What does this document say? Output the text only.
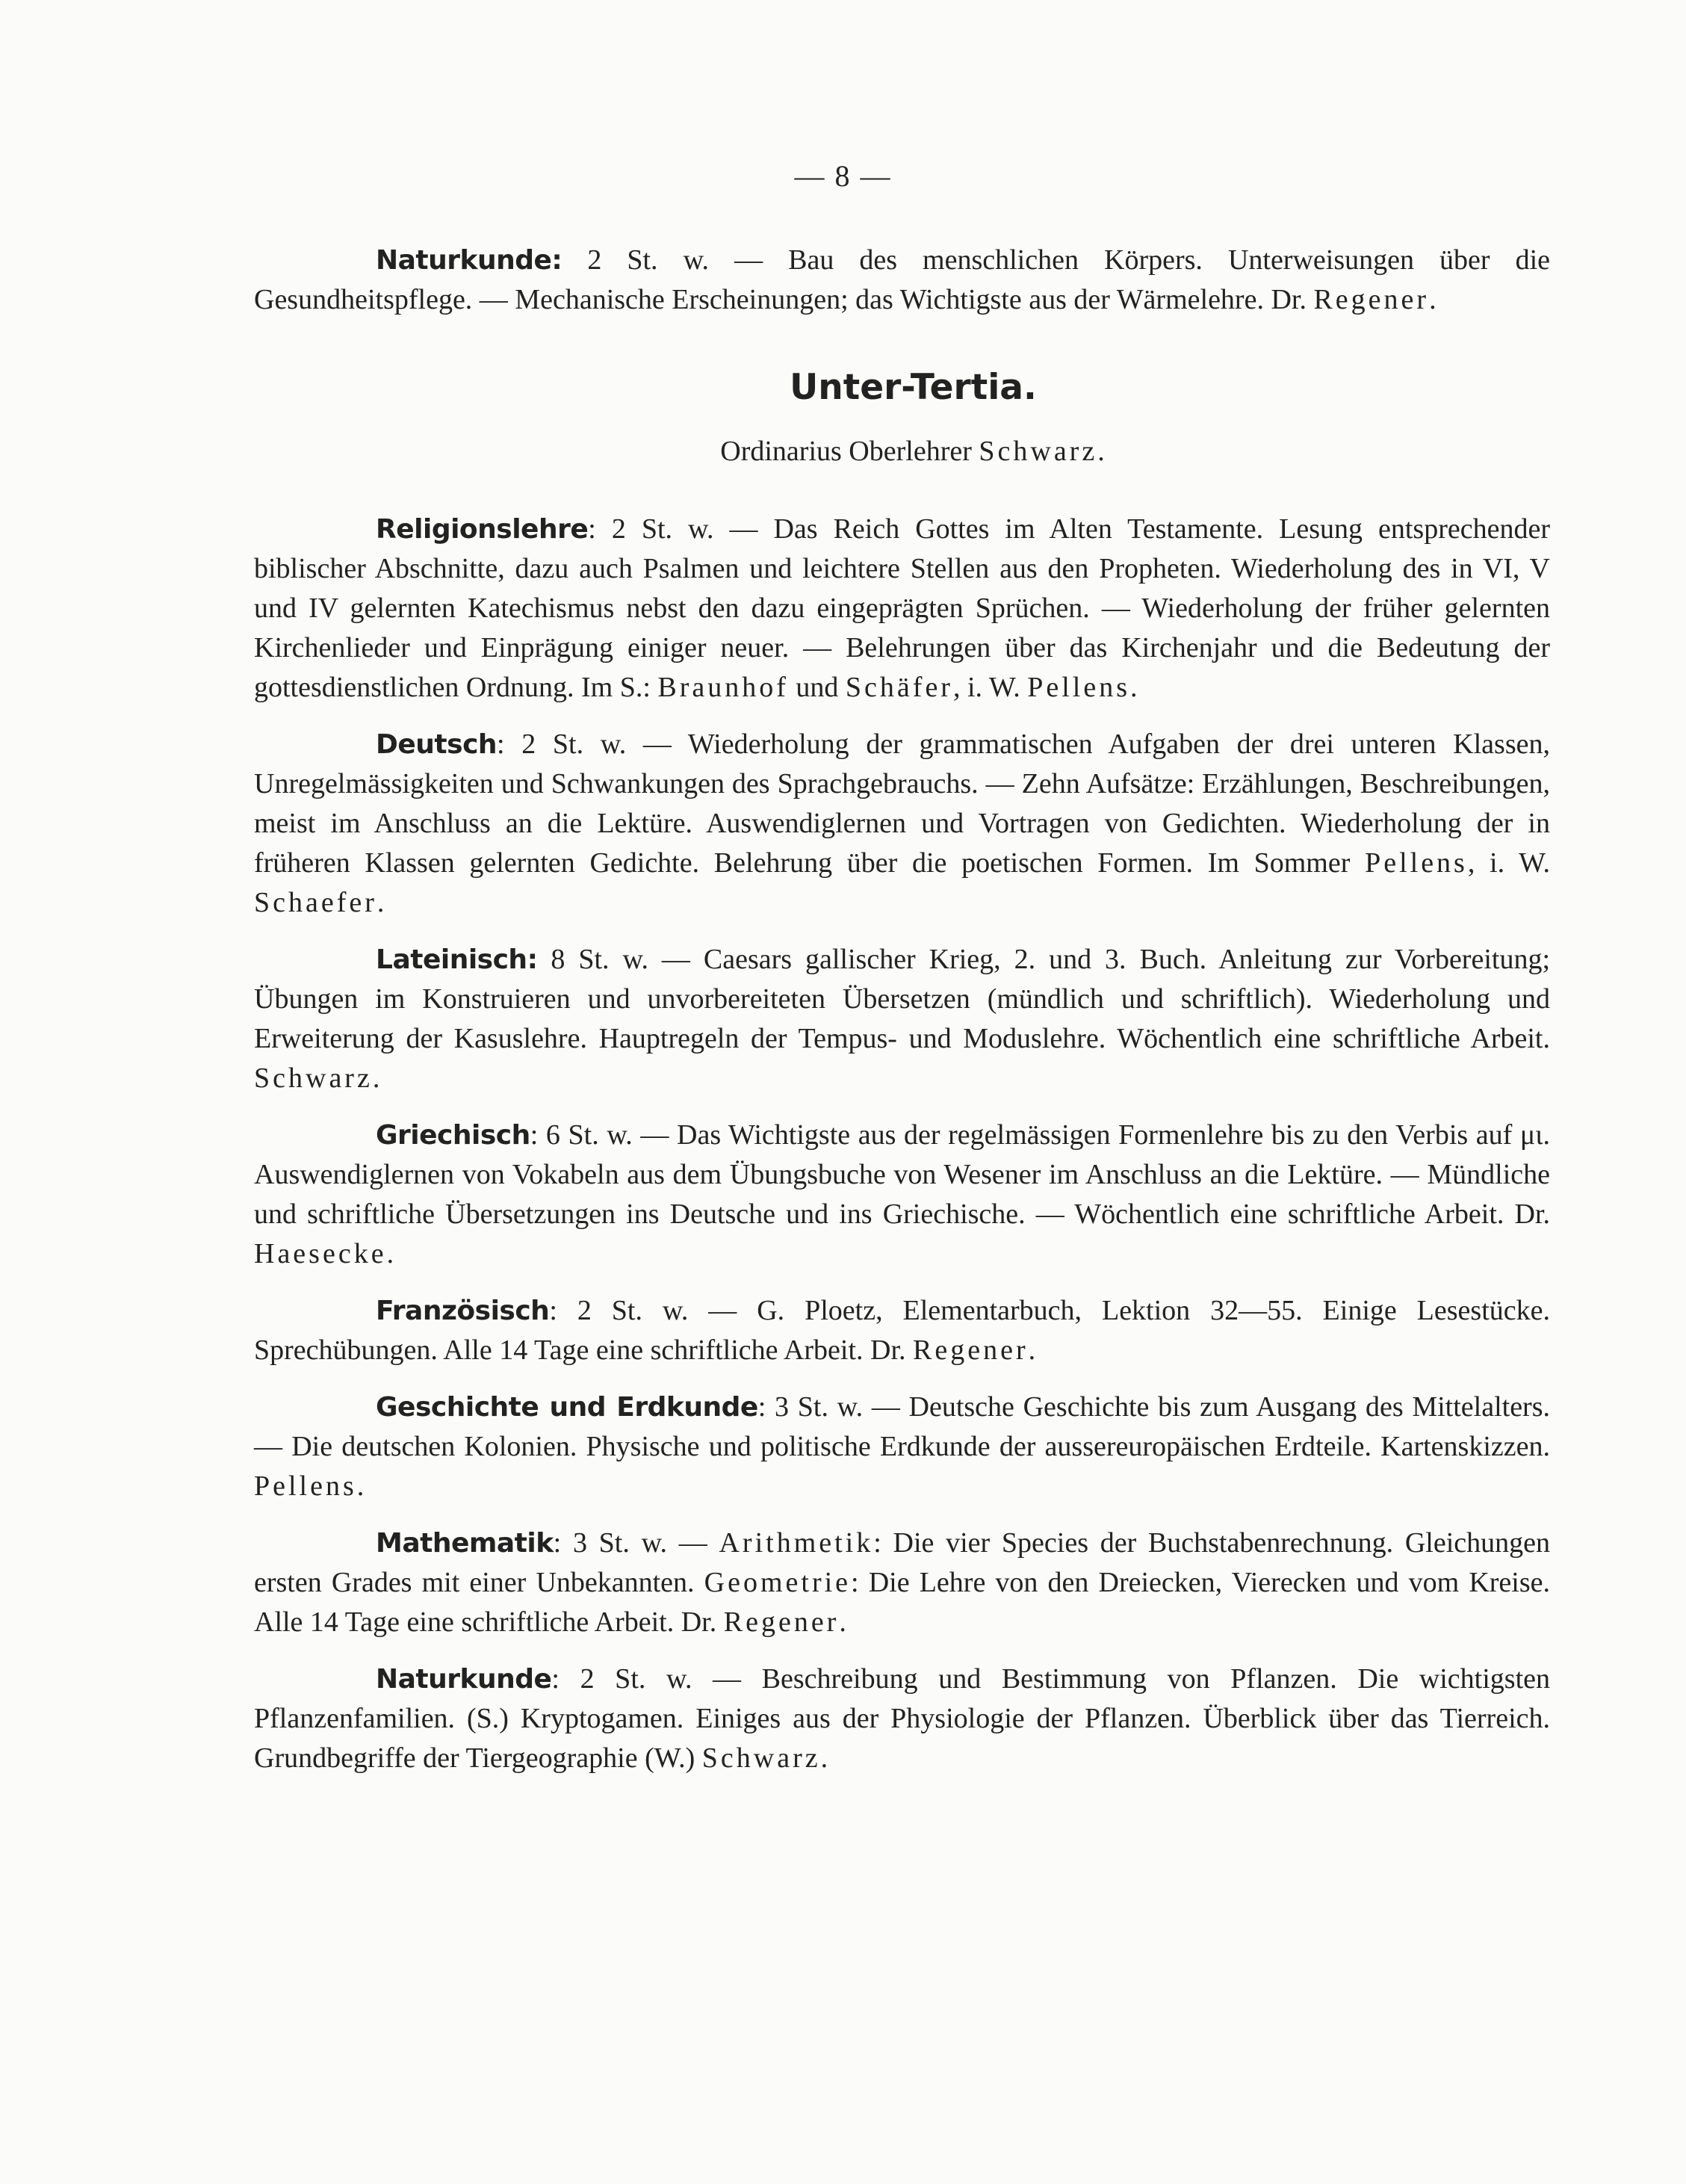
— 8 —

Naturkunde: 2 St. w. — Bau des menschlichen Körpers. Unterweisungen über die Gesundheitspflege. — Mechanische Erscheinungen; das Wichtigste aus der Wärmelehre. Dr. Regener.

Unter-Tertia.
Ordinarius Oberlehrer Schwarz.

Religionslehre: 2 St. w. — Das Reich Gottes im Alten Testamente. Lesung entsprechender biblischer Abschnitte, dazu auch Psalmen und leichtere Stellen aus den Propheten. Wiederholung des in VI, V und IV gelernten Katechismus nebst den dazu eingeprägten Sprüchen. — Wiederholung der früher gelernten Kirchenlieder und Einprägung einiger neuer. — Belehrungen über das Kirchenjahr und die Bedeutung der gottesdienstlichen Ordnung. Im S.: Braunhof und Schäfer, i. W. Pellens.

Deutsch: 2 St. w. — Wiederholung der grammatischen Aufgaben der drei unteren Klassen, Unregelmässigkeiten und Schwankungen des Sprachgebrauchs. — Zehn Aufsätze: Erzählungen, Beschreibungen, meist im Anschluss an die Lektüre. Auswendiglernen und Vortragen von Gedichten. Wiederholung der in früheren Klassen gelernten Gedichte. Belehrung über die poetischen Formen. Im Sommer Pellens, i. W. Schaefer.

Lateinisch: 8 St. w. — Caesars gallischer Krieg, 2. und 3. Buch. Anleitung zur Vorbereitung; Übungen im Konstruieren und unvorbereiteten Übersetzen (mündlich und schriftlich). Wiederholung und Erweiterung der Kasuslehre. Hauptregeln der Tempus- und Moduslehre. Wöchentlich eine schriftliche Arbeit. Schwarz.

Griechisch: 6 St. w. — Das Wichtigste aus der regelmässigen Formenlehre bis zu den Verbis auf μι. Auswendiglernen von Vokabeln aus dem Übungsbuche von Wesener im Anschluss an die Lektüre. — Mündliche und schriftliche Übersetzungen ins Deutsche und ins Griechische. — Wöchentlich eine schriftliche Arbeit. Dr. Haesecke.

Französisch: 2 St. w. — G. Ploetz, Elementarbuch, Lektion 32—55. Einige Lesestücke. Sprechübungen. Alle 14 Tage eine schriftliche Arbeit. Dr. Regener.

Geschichte und Erdkunde: 3 St. w. — Deutsche Geschichte bis zum Ausgang des Mittelalters. — Die deutschen Kolonien. Physische und politische Erdkunde der aussereuropäischen Erdteile. Kartenskizzen. Pellens.

Mathematik: 3 St. w. — Arithmetik: Die vier Species der Buchstabenrechnung. Gleichungen ersten Grades mit einer Unbekannten. Geometrie: Die Lehre von den Dreiecken, Vierecken und vom Kreise. Alle 14 Tage eine schriftliche Arbeit. Dr. Regener.

Naturkunde: 2 St. w. — Beschreibung und Bestimmung von Pflanzen. Die wichtigsten Pflanzenfamilien. (S.) Kryptogamen. Einiges aus der Physiologie der Pflanzen. Überblick über das Tierreich. Grundbegriffe der Tiergeographie (W.) Schwarz.
